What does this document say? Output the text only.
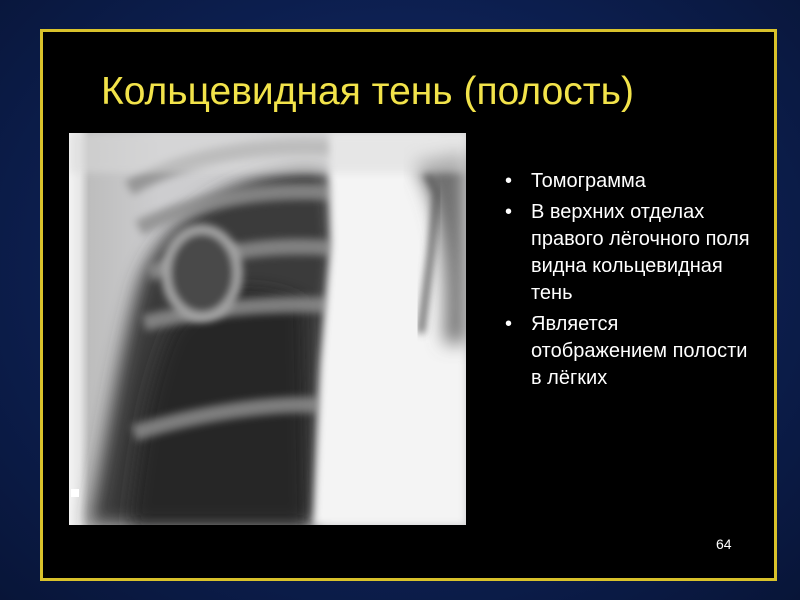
Кольцевидная тень (полость)
• Томограмма
• В верхних отделах правого лёгочного поля видна кольцевидная тень
• Является отображением полости в лёгких
64
